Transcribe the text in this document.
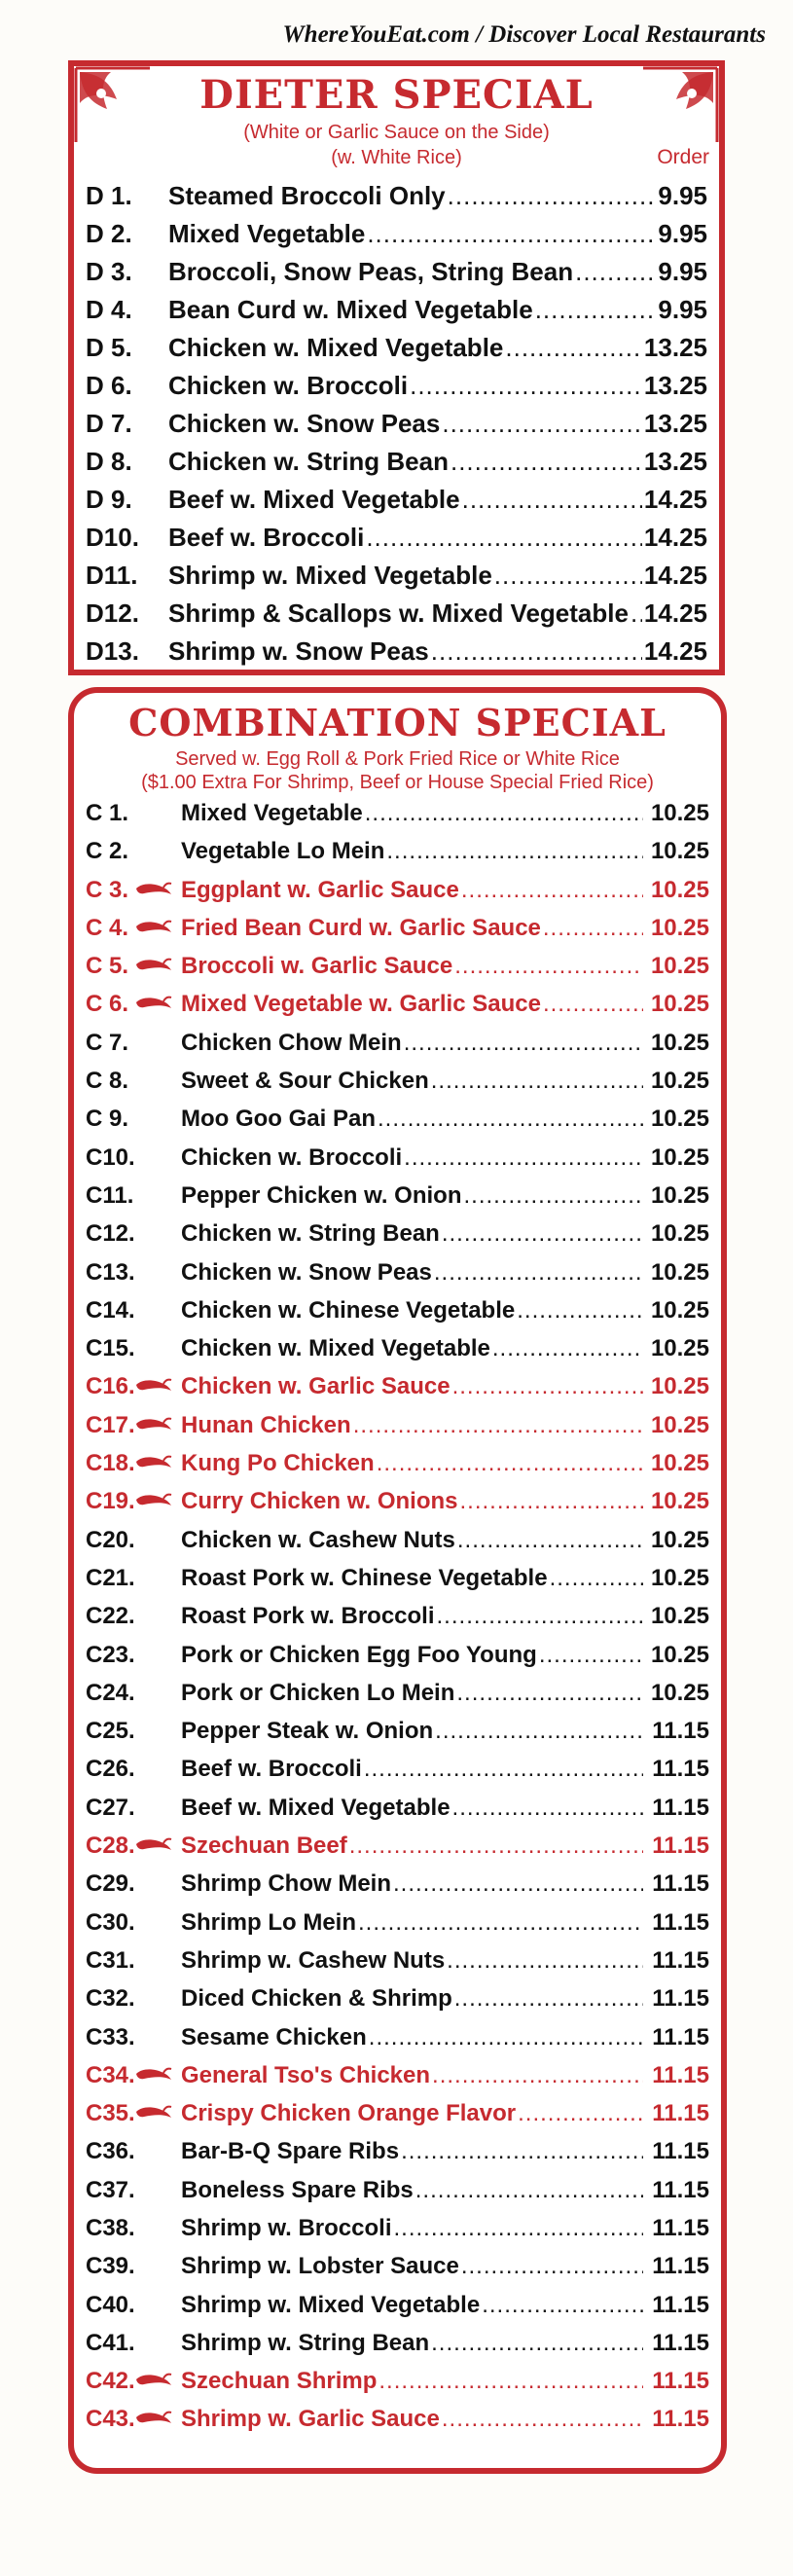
WhereYouEat.com / Discover Local Restaurants
DIETER SPECIAL
(White or Garlic Sauce on the Side)
(w. White Rice)	Order
D 1.	Steamed Broccoli Only .....	9.95
D 2.	Mixed Vegetable .....	9.95
D 3.	Broccoli, Snow Peas, String Bean .....	9.95
D 4.	Bean Curd w. Mixed Vegetable .....	9.95
D 5.	Chicken w. Mixed Vegetable .....	13.25
D 6.	Chicken w. Broccoli .....	13.25
D 7.	Chicken w. Snow Peas .....	13.25
D 8.	Chicken w. String Bean .....	13.25
D 9.	Beef w. Mixed Vegetable .....	14.25
D10.	Beef w. Broccoli .....	14.25
D11.	Shrimp w. Mixed Vegetable .....	14.25
D12.	Shrimp & Scallops w. Mixed Vegetable ..... 14.25
D13.	Shrimp w. Snow Peas .....	14.25
COMBINATION SPECIAL
Served w. Egg Roll & Pork Fried Rice or White Rice
($1.00 Extra For Shrimp, Beef or House Special Fried Rice)
C 1.	Mixed Vegetable .....	10.25
C 2.	Vegetable Lo Mein .....	10.25
C 3.	Eggplant w. Garlic Sauce .....	10.25
C 4.	Fried Bean Curd w. Garlic Sauce .....	10.25
C 5.	Broccoli w. Garlic Sauce .....	10.25
C 6.	Mixed Vegetable w. Garlic Sauce .....	10.25
C 7.	Chicken Chow Mein .....	10.25
C 8.	Sweet & Sour Chicken .....	10.25
C 9.	Moo Goo Gai Pan .....	10.25
C10.	Chicken w. Broccoli .....	10.25
C11.	Pepper Chicken w. Onion .....	10.25
C12.	Chicken w. String Bean .....	10.25
C13.	Chicken w. Snow Peas .....	10.25
C14.	Chicken w. Chinese Vegetable .....	10.25
C15.	Chicken w. Mixed Vegetable .....	10.25
C16.	Chicken w. Garlic Sauce .....	10.25
C17.	Hunan Chicken .....	10.25
C18.	Kung Po Chicken .....	10.25
C19.	Curry Chicken w. Onions .....	10.25
C20.	Chicken w. Cashew Nuts .....	10.25
C21.	Roast Pork w. Chinese Vegetable .....	10.25
C22.	Roast Pork w. Broccoli .....	10.25
C23.	Pork or Chicken Egg Foo Young .....	10.25
C24.	Pork or Chicken Lo Mein .....	10.25
C25.	Pepper Steak w. Onion .....	11.15
C26.	Beef w. Broccoli .....	11.15
C27.	Beef w. Mixed Vegetable .....	11.15
C28.	Szechuan Beef .....	11.15
C29.	Shrimp Chow Mein .....	11.15
C30.	Shrimp Lo Mein .....	11.15
C31.	Shrimp w. Cashew Nuts .....	11.15
C32.	Diced Chicken & Shrimp .....	11.15
C33.	Sesame Chicken .....	11.15
C34.	General Tso's Chicken .....	11.15
C35.	Crispy Chicken Orange Flavor .....	11.15
C36.	Bar-B-Q Spare Ribs .....	11.15
C37.	Boneless Spare Ribs .....	11.15
C38.	Shrimp w. Broccoli .....	11.15
C39.	Shrimp w. Lobster Sauce .....	11.15
C40.	Shrimp w. Mixed Vegetable .....	11.15
C41.	Shrimp w. String Bean .....	11.15
C42.	Szechuan Shrimp .....	11.15
C43.	Shrimp w. Garlic Sauce .....	11.15
